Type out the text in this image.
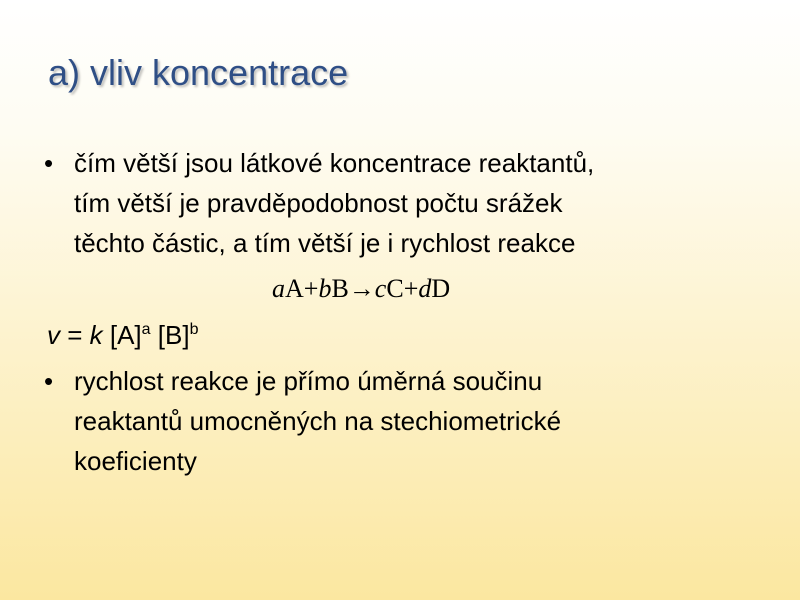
a) vliv koncentrace
• čím větší jsou látkové koncentrace reaktantů,
tím větší je pravděpodobnost počtu srážek
těchto částic, a tím větší je i rychlost reakce
aA+bB→cC+dD
v = k $[A]^a$ $[B]^b$
• rychlost reakce je přímo úměrná součinu
reaktantů umocněných na stechiometrické
koeficienty
